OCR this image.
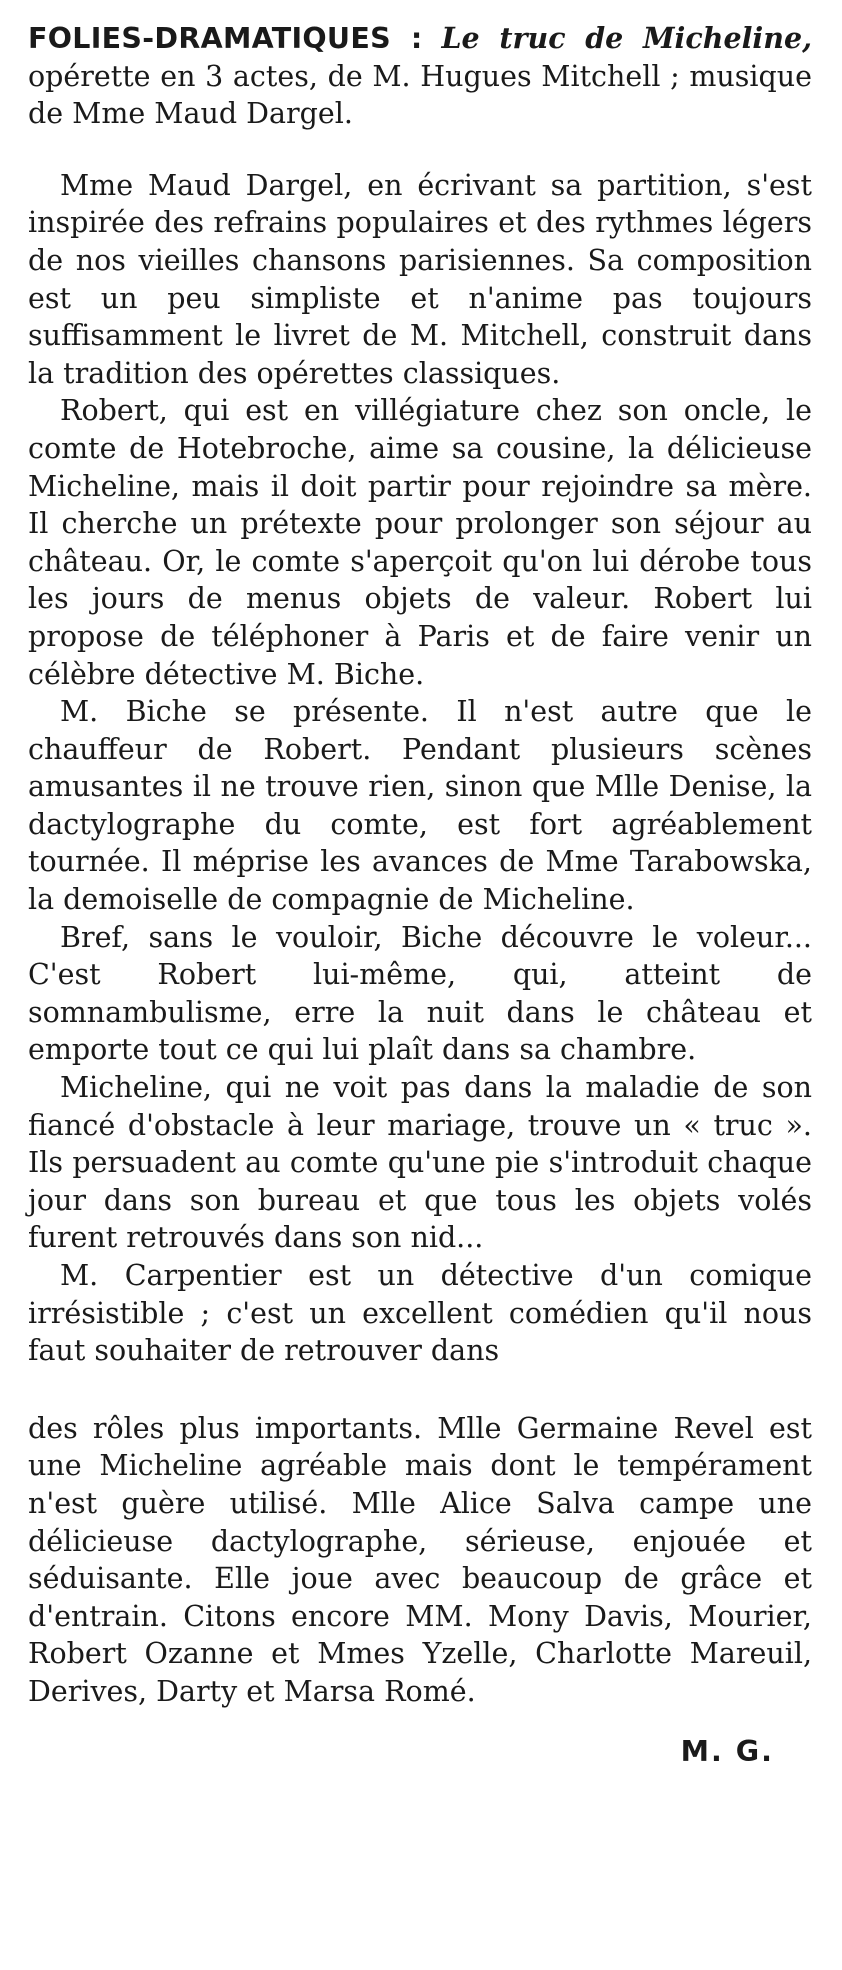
FOLIES-DRAMATIQUES : Le truc de Micheline, opérette en 3 actes, de M. Hugues Mitchell ; musique de Mme Maud Dargel.

Mme Maud Dargel, en écrivant sa partition, s'est inspirée des refrains populaires et des rythmes légers de nos vieilles chansons parisiennes. Sa composition est un peu simpliste et n'anime pas toujours suffisamment le livret de M. Mitchell, construit dans la tradition des opérettes classiques.

Robert, qui est en villégiature chez son oncle, le comte de Hotebroche, aime sa cousine, la délicieuse Micheline, mais il doit partir pour rejoindre sa mère. Il cherche un prétexte pour prolonger son séjour au château. Or, le comte s'aperçoit qu'on lui dérobe tous les jours de menus objets de valeur. Robert lui propose de téléphoner à Paris et de faire venir un célèbre détective M. Biche.

M. Biche se présente. Il n'est autre que le chauffeur de Robert. Pendant plusieurs scènes amusantes il ne trouve rien, sinon que Mlle Denise, la dactylographe du comte, est fort agréablement tournée. Il méprise les avances de Mme Tarabowska, la demoiselle de compagnie de Micheline.

Bref, sans le vouloir, Biche découvre le voleur... C'est Robert lui-même, qui, atteint de somnambulisme, erre la nuit dans le château et emporte tout ce qui lui plaît dans sa chambre.

Micheline, qui ne voit pas dans la maladie de son fiancé d'obstacle à leur mariage, trouve un « truc ». Ils persuadent au comte qu'une pie s'introduit chaque jour dans son bureau et que tous les objets volés furent retrouvés dans son nid...

M. Carpentier est un détective d'un comique irrésistible ; c'est un excellent comédien qu'il nous faut souhaiter de retrouver dans

des rôles plus importants. Mlle Germaine Revel est une Micheline agréable mais dont le tempérament n'est guère utilisé. Mlle Alice Salva campe une délicieuse dactylographe, sérieuse, enjouée et séduisante. Elle joue avec beaucoup de grâce et d'entrain. Citons encore MM. Mony Davis, Mourier, Robert Ozanne et Mmes Yzelle, Charlotte Mareuil, Derives, Darty et Marsa Romé.

M. G.
